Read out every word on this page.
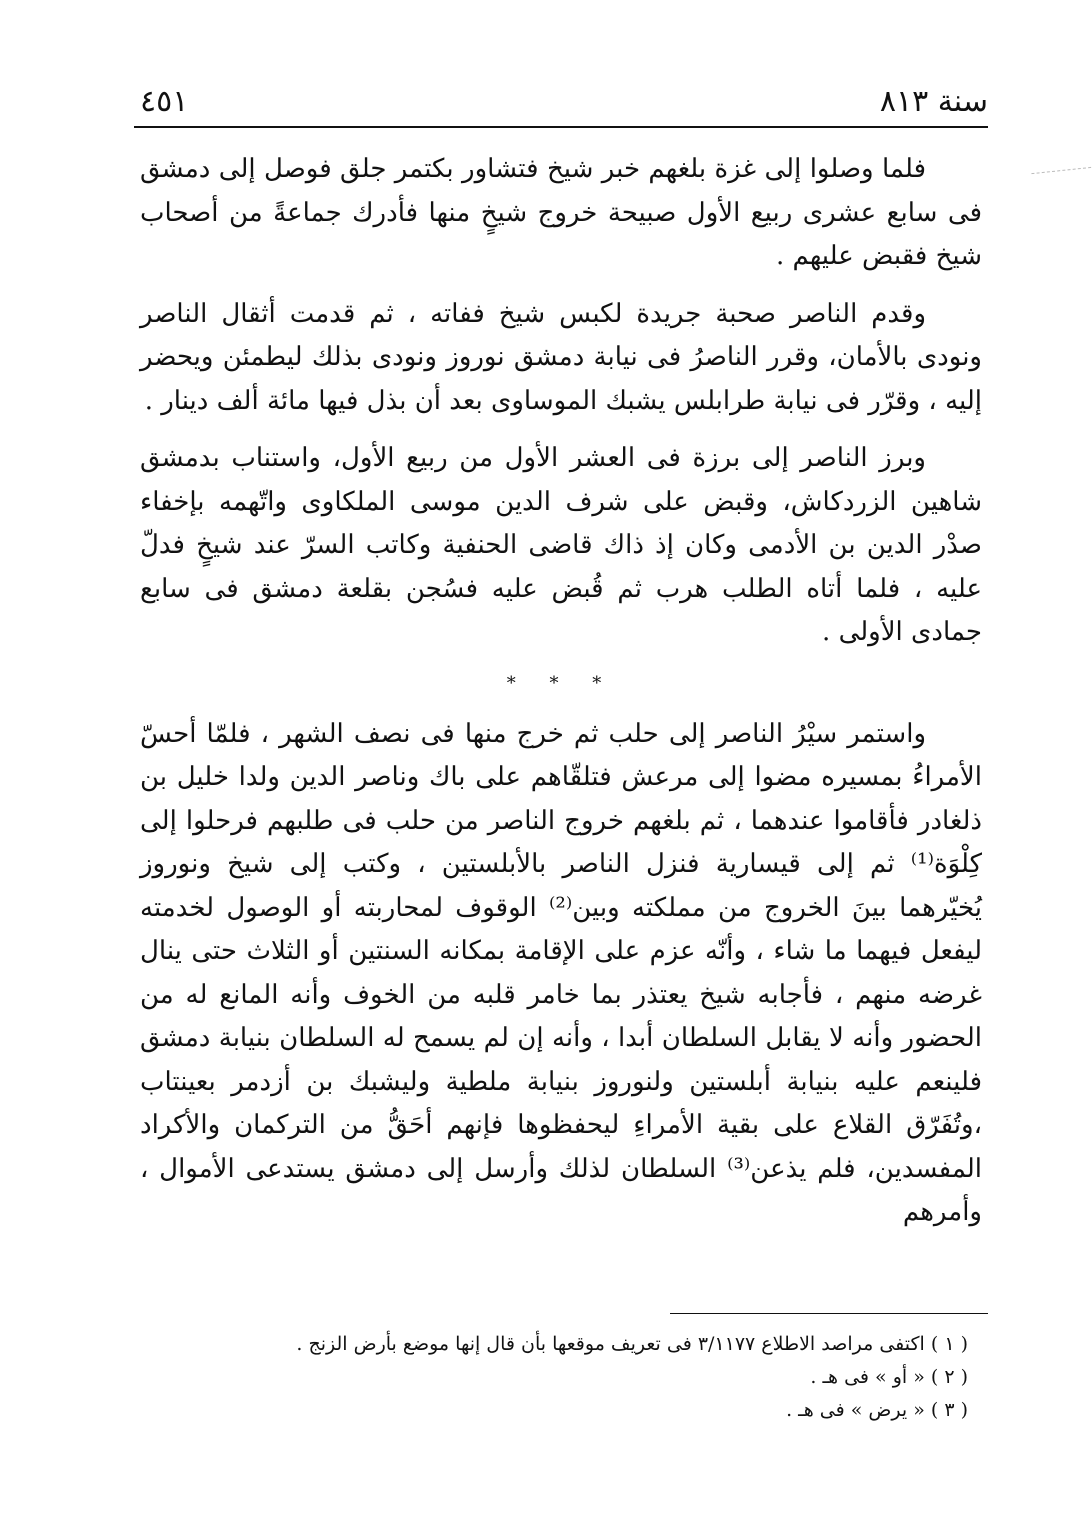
سنة ٨١٣
٤٥١

فلما وصلوا إلى غزة بلغهم خبر شيخ فتشاور بكتمر جلق فوصل إلى دمشق فى سابع عشرى ربيع الأول صبيحة خروج شيخٍ منها فأدرك جماعةً من أصحاب شيخ فقبض عليهم .

وقدم الناصر صحبة جريدة لكبس شيخ ففاته ، ثم قدمت أثقال الناصر ونودى بالأمان، وقرر الناصرُ فى نيابة دمشق نوروز ونودى بذلك ليطمئن ويحضر إليه ، وقرّر فى نيابة طرابلس يشبك الموساوى بعد أن بذل فيها مائة ألف دينار .

وبرز الناصر إلى برزة فى العشر الأول من ربيع الأول، واستناب بدمشق شاهين الزردكاش، وقبض على شرف الدين موسى الملكاوى واتّهمه بإخفاء صدْر الدين بن الأدمى وكان إذ ذاك قاضى الحنفية وكاتب السرّ عند شيخٍ فدلّ عليه ، فلما أتاه الطلب هرب ثم قُبض عليه فسُجن بقلعة دمشق فى سابع جمادى الأولى .

* * *

واستمر سيْرُ الناصر إلى حلب ثم خرج منها فى نصف الشهر ، فلمّا أحسّ الأمراءُ بمسيره مضوا إلى مرعش فتلقّاهم على باك وناصر الدين ولدا خليل بن ذلغادر فأقاموا عندهما ، ثم بلغهم خروج الناصر من حلب فى طلبهم فرحلوا إلى كِلْوَة⁽¹⁾ ثم إلى قيسارية فنزل الناصر بالأبلستين ، وكتب إلى شيخ ونوروز يُخيّرهما بينَ الخروج من مملكته وبين⁽²⁾ الوقوف لمحاربته أو الوصول لخدمته ليفعل فيهما ما شاء ، وأنّه عزم على الإقامة بمكانه السنتين أو الثلاث حتى ينال غرضه منهم ، فأجابه شيخ يعتذر بما خامر قلبه من الخوف وأنه المانع له من الحضور وأنه لا يقابل السلطان أبدا ، وأنه إن لم يسمح له السلطان بنيابة دمشق فلينعم عليه بنيابة أبلستين ولنوروز بنيابة ملطية وليشبك بن أزدمر بعينتاب ،وتُفَرّق القلاع على بقية الأمراءِ ليحفظوها فإنهم أحَقُّ من التركمان والأكراد المفسدين، فلم يذعن⁽³⁾ السلطان لذلك وأرسل إلى دمشق يستدعى الأموال ، وأمرهم

( ١ ) اكتفى مراصد الاطلاع ٣/١١٧٧ فى تعريف موقعها بأن قال إنها موضع بأرض الزنج .

( ٢ ) « أو » فى هـ .

( ٣ ) « يرض » فى هـ .
